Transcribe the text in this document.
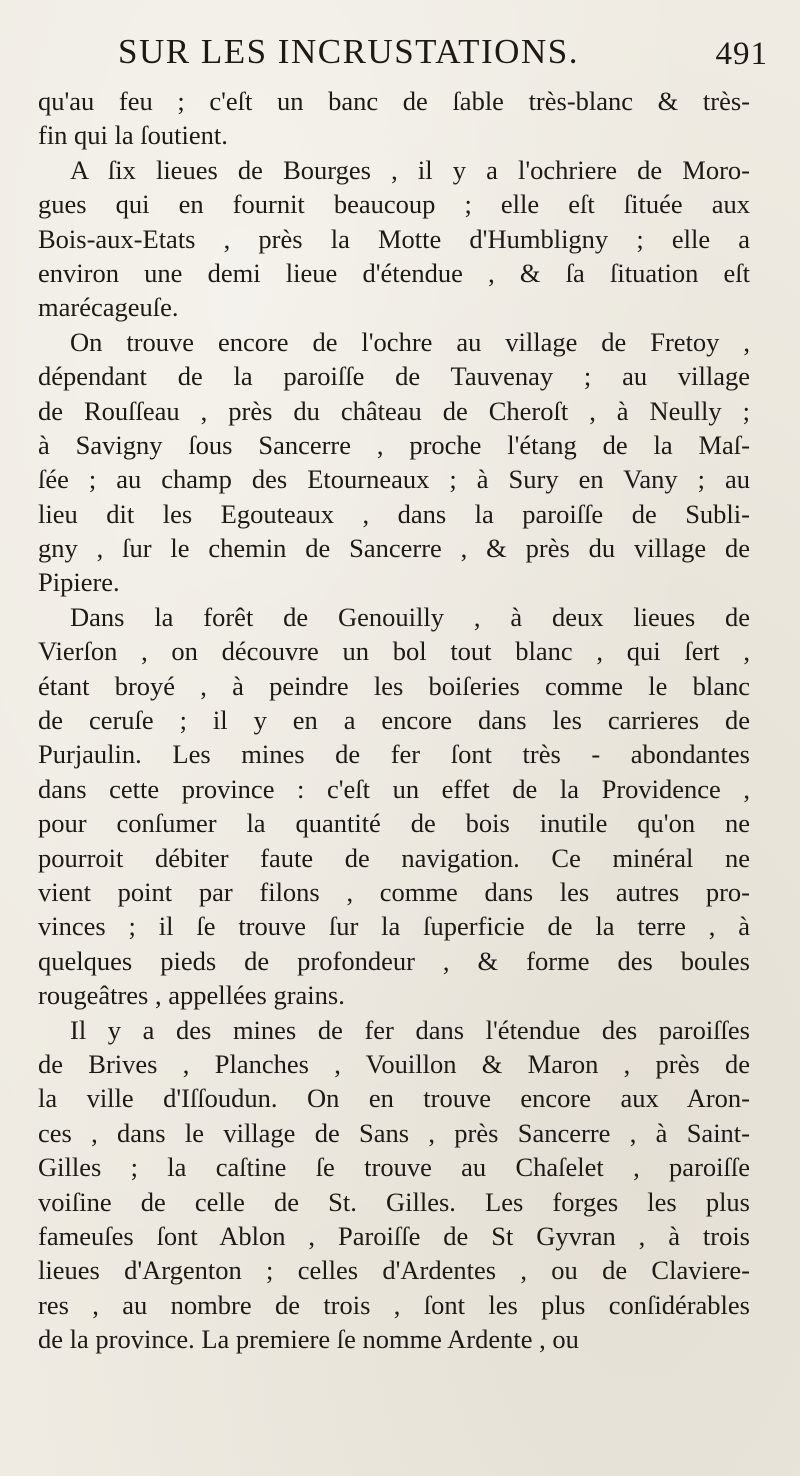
SUR LES INCRUSTATIONS.	491
qu'au feu ; c'eſt un banc de ſable très-blanc & très-
fin qui la ſoutient.
A ſix lieues de Bourges , il y a l'ochriere de Moro-
gues qui en fournit beaucoup ; elle eſt ſituée aux
Bois-aux-Etats , près la Motte d'Humbligny ; elle a
environ une demi lieue d'étendue , & ſa ſituation eſt
marécageuſe.
On trouve encore de l'ochre au village de Fretoy ,
dépendant de la paroiſſe de Tauvenay ; au village
de Rouſſeau , près du château de Cheroſt , à Neully ;
à Savigny ſous Sancerre , proche l'étang de la Maſ-
ſée ; au champ des Etourneaux ; à Sury en Vany ; au
lieu dit les Egouteaux , dans la paroiſſe de Subli-
gny , ſur le chemin de Sancerre , & près du village de
Pipiere.
Dans la forêt de Genouilly , à deux lieues de
Vierſon , on découvre un bol tout blanc , qui ſert ,
étant broyé , à peindre les boiſeries comme le blanc
de ceruſe ; il y en a encore dans les carrieres de
Purjaulin. Les mines de fer ſont très - abondantes
dans cette province : c'eſt un effet de la Providence ,
pour conſumer la quantité de bois inutile qu'on ne
pourroit débiter faute de navigation. Ce minéral ne
vient point par filons , comme dans les autres pro-
vinces ; il ſe trouve ſur la ſuperficie de la terre , à
quelques pieds de profondeur , & forme des boules
rougeâtres , appellées grains.
Il y a des mines de fer dans l'étendue des paroiſſes
de Brives , Planches , Vouillon & Maron , près de
la ville d'Iſſoudun. On en trouve encore aux Aron-
ces , dans le village de Sans , près Sancerre , à Saint-
Gilles ; la caſtine ſe trouve au Chaſelet , paroiſſe
voiſine de celle de St. Gilles. Les forges les plus
fameuſes ſont Ablon , Paroiſſe de St Gyvran , à trois
lieues d'Argenton ; celles d'Ardentes , ou de Claviere-
res , au nombre de trois , ſont les plus conſidérables
de la province. La premiere ſe nomme Ardente , ou
